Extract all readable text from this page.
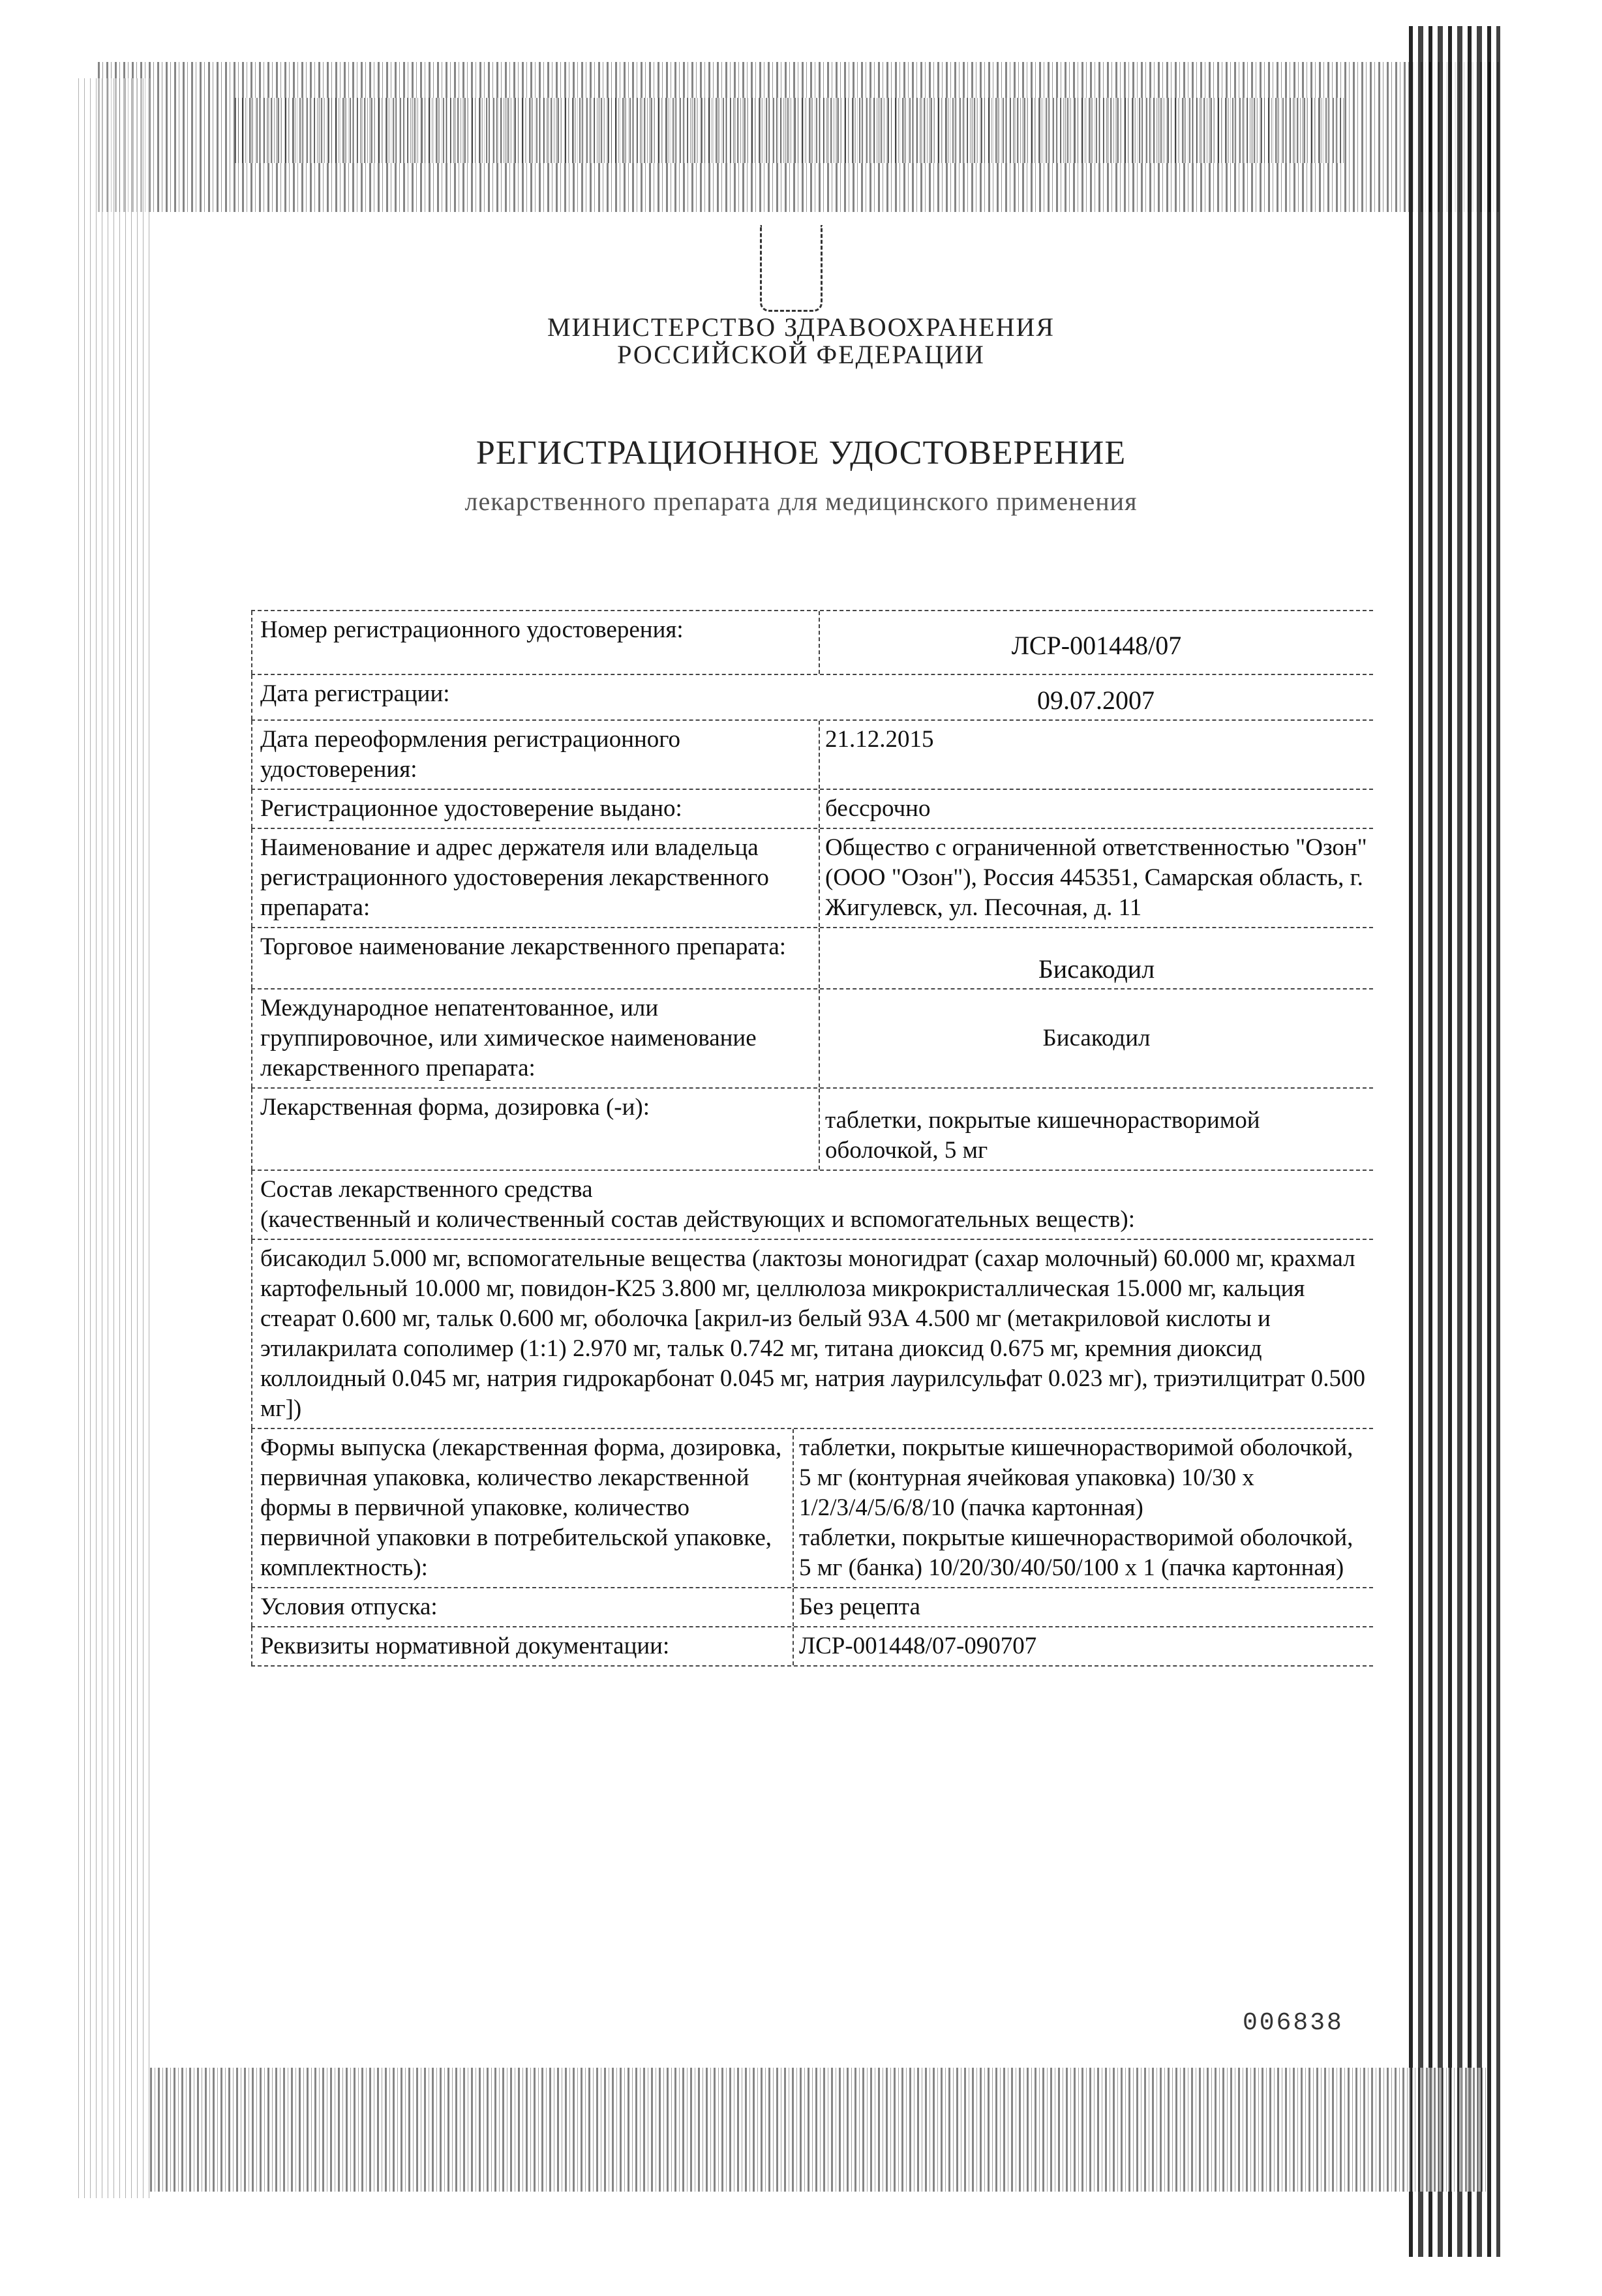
МИНИСТЕРСТВО ЗДРАВООХРАНЕНИЯ
РОССИЙСКОЙ ФЕДЕРАЦИИ
РЕГИСТРАЦИОННОЕ УДОСТОВЕРЕНИЕ
лекарственного препарата для медицинского применения
Номер регистрационного удостоверения:
ЛСР-001448/07
Дата регистрации:	09.07.2007
Дата переоформления регистрационного удостоверения:
21.12.2015
Регистрационное удостоверение выдано:	бессрочно
Наименование и адрес держателя или владельца регистрационного удостоверения лекарственного препарата:
Общество с ограниченной ответственностью "Озон" (ООО "Озон"), Россия 445351, Самарская область, г. Жигулевск, ул. Песочная, д. 11
Торговое наименование лекарственного препарата:
Бисакодил
Международное непатентованное, или группировочное, или химическое наименование лекарственного препарата:
Бисакодил
Лекарственная форма, дозировка (-и):	таблетки, покрытые кишечнорастворимой оболочкой, 5 мг
Состав лекарственного средства
(качественный и количественный состав действующих и вспомогательных веществ):
бисакодил 5.000 мг, вспомогательные вещества (лактозы моногидрат (сахар молочный) 60.000 мг, крахмал картофельный 10.000 мг, повидон-К25 3.800 мг, целлюлоза микрокристаллическая 15.000 мг, кальция стеарат 0.600 мг, тальк 0.600 мг, оболочка [акрил-из белый 93А 4.500 мг (метакриловой кислоты и этилакрилата сополимер (1:1) 2.970 мг, тальк 0.742 мг, титана диоксид 0.675 мг, кремния диоксид коллоидный 0.045 мг, натрия гидрокарбонат 0.045 мг, натрия лаурилсульфат 0.023 мг), триэтилцитрат 0.500 мг])
Формы выпуска (лекарственная форма, дозировка, первичная упаковка, количество лекарственной формы в первичной упаковке, количество первичной упаковки в потребительской упаковке, комплектность):
таблетки, покрытые кишечнорастворимой оболочкой, 5 мг (контурная ячейковая упаковка) 10/30 x 1/2/3/4/5/6/8/10 (пачка картонная)
таблетки, покрытые кишечнорастворимой оболочкой, 5 мг (банка) 10/20/30/40/50/100 x 1 (пачка картонная)
Условия отпуска:	Без рецепта
Реквизиты нормативной документации:	ЛСР-001448/07-090707
006838
